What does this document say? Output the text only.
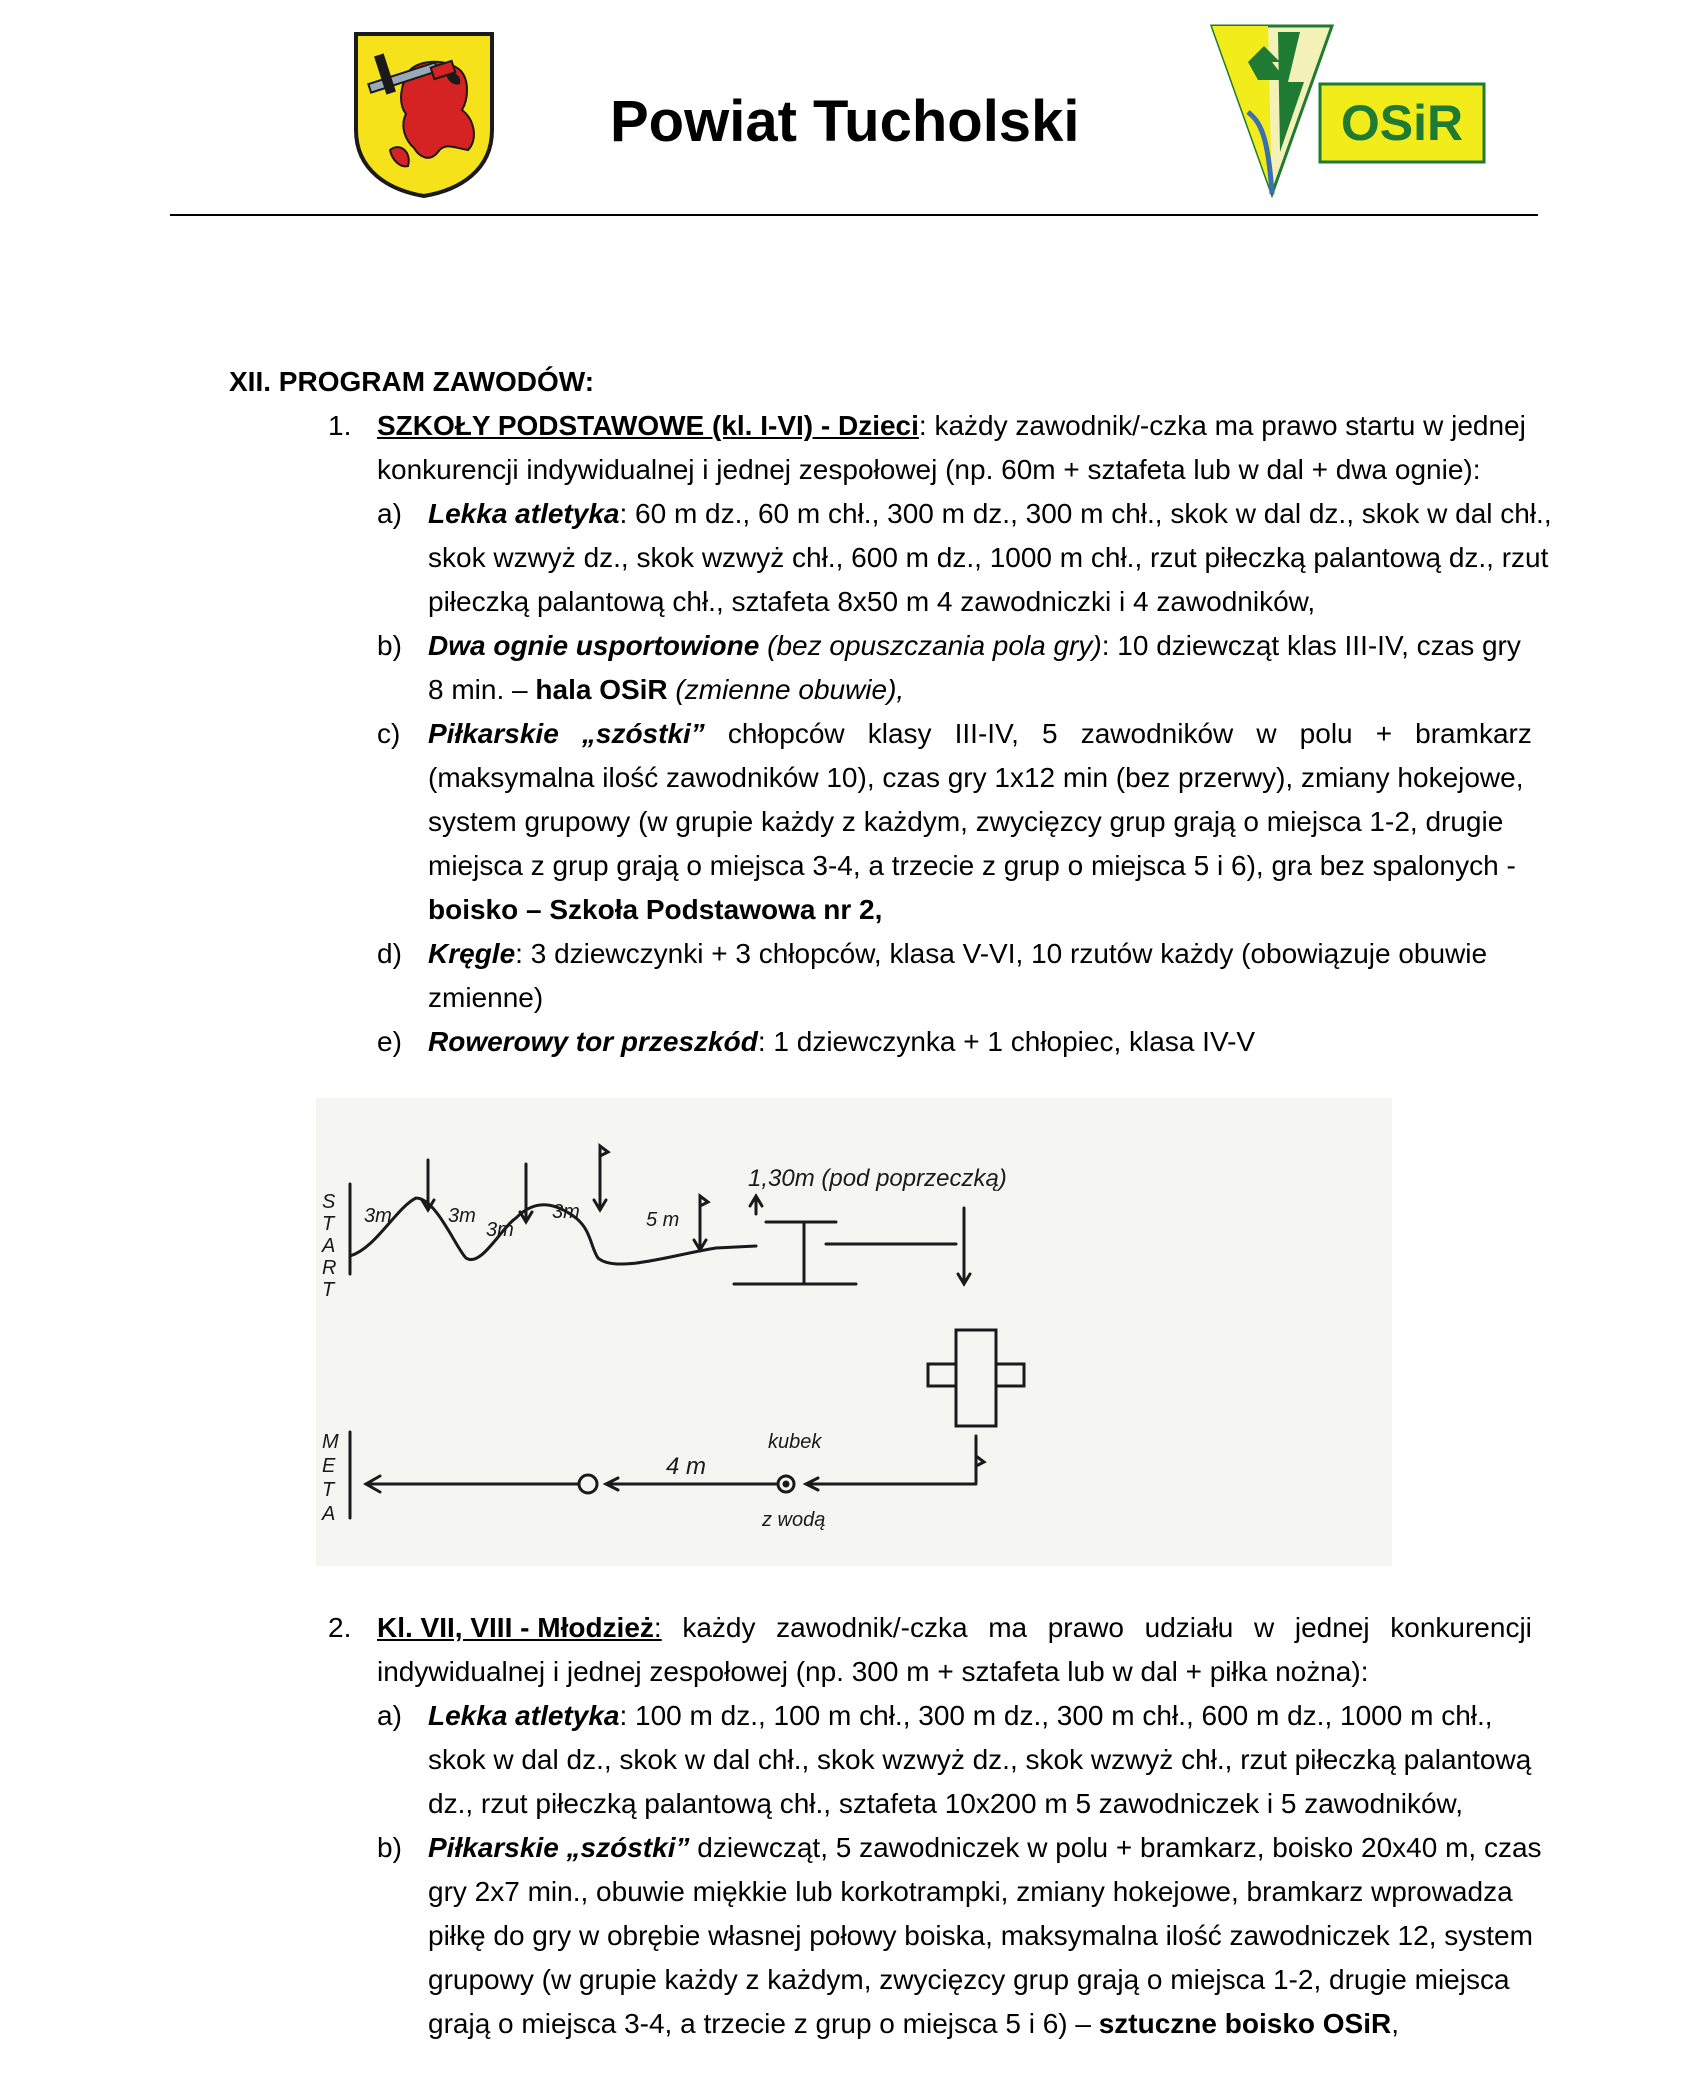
Powiat Tucholski	OSiR
XII. PROGRAM ZAWODÓW:
1. SZKOŁY PODSTAWOWE (kl. I-VI) - Dzieci: każdy zawodnik/-czka ma prawo startu w jednej
konkurencji indywidualnej i jednej zespołowej (np. 60m + sztafeta lub w dal + dwa ognie):
a) Lekka atletyka: 60 m dz., 60 m chł., 300 m dz., 300 m chł., skok w dal dz., skok w dal chł.,
skok wzwyż dz., skok wzwyż chł., 600 m dz., 1000 m chł., rzut piłeczką palantową dz., rzut
piłeczką palantową chł., sztafeta 8x50 m 4 zawodniczki i 4 zawodników,
b) Dwa ognie usportowione (bez opuszczania pola gry): 10 dziewcząt klas III-IV, czas gry
8 min. – hala OSiR (zmienne obuwie),
c) Piłkarskie „szóstki” chłopców klasy III-IV, 5 zawodników w polu + bramkarz
(maksymalna ilość zawodników 10), czas gry 1x12 min (bez przerwy), zmiany hokejowe,
system grupowy (w grupie każdy z każdym, zwycięzcy grup grają o miejsca 1-2, drugie
miejsca z grup grają o miejsca 3-4, a trzecie z grup o miejsca 5 i 6), gra bez spalonych -
boisko – Szkoła Podstawowa nr 2,
d) Kręgle: 3 dziewczynki + 3 chłopców, klasa V-VI, 10 rzutów każdy (obowiązuje obuwie
zmienne)
e) Rowerowy tor przeszkód: 1 dziewczynka + 1 chłopiec, klasa IV-V
S
T
A
R
T
M
E
T
A
3m	3m
3m
3m	5 m
1,30m (pod poprzeczką)
kubek
z wodą
4 m
2. Kl. VII, VIII - Młodzież: każdy zawodnik/-czka ma prawo udziału w jednej konkurencji
indywidualnej i jednej zespołowej (np. 300 m + sztafeta lub w dal + piłka nożna):
a) Lekka atletyka: 100 m dz., 100 m chł., 300 m dz., 300 m chł., 600 m dz., 1000 m chł.,
skok w dal dz., skok w dal chł., skok wzwyż dz., skok wzwyż chł., rzut piłeczką palantową
dz., rzut piłeczką palantową chł., sztafeta 10x200 m 5 zawodniczek i 5 zawodników,
b) Piłkarskie „szóstki” dziewcząt, 5 zawodniczek w polu + bramkarz, boisko 20x40 m, czas
gry 2x7 min., obuwie miękkie lub korkotrampki, zmiany hokejowe, bramkarz wprowadza
piłkę do gry w obrębie własnej połowy boiska, maksymalna ilość zawodniczek 12, system
grupowy (w grupie każdy z każdym, zwycięzcy grup grają o miejsca 1-2, drugie miejsca
grają o miejsca 3-4, a trzecie z grup o miejsca 5 i 6) – sztuczne boisko OSiR,
